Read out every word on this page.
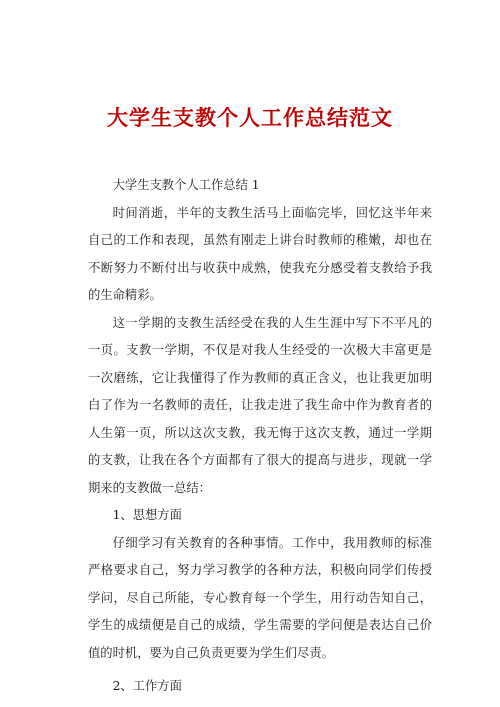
大学生支教个人工作总结范文

大学生支教个人工作总结 1

时间消逝，半年的支教生活马上面临完毕，回忆这半年来自己的工作和表现，虽然有刚走上讲台时教师的稚嫩，却也在不断努力不断付出与收获中成熟，使我充分感受着支教给予我的生命精彩。

这一学期的支教生活经受在我的人生生涯中写下不平凡的一页。支教一学期，不仅是对我人生经受的一次极大丰富更是一次磨练，它让我懂得了作为教师的真正含义，也让我更加明白了作为一名教师的责任，让我走进了我生命中作为教育者的人生第一页，所以这次支教，我无悔于这次支教，通过一学期的支教，让我在各个方面都有了很大的提高与进步，现就一学期来的支教做一总结：

1、思想方面

仔细学习有关教育的各种事情。工作中，我用教师的标准严格要求自己，努力学习教学的各种方法，积极向同学们传授学问，尽自己所能，专心教育每一个学生，用行动告知自己，学生的成绩便是自己的成绩，学生需要的学问便是表达自己价值的时机，要为自己负责更要为学生们尽责。

2、工作方面
